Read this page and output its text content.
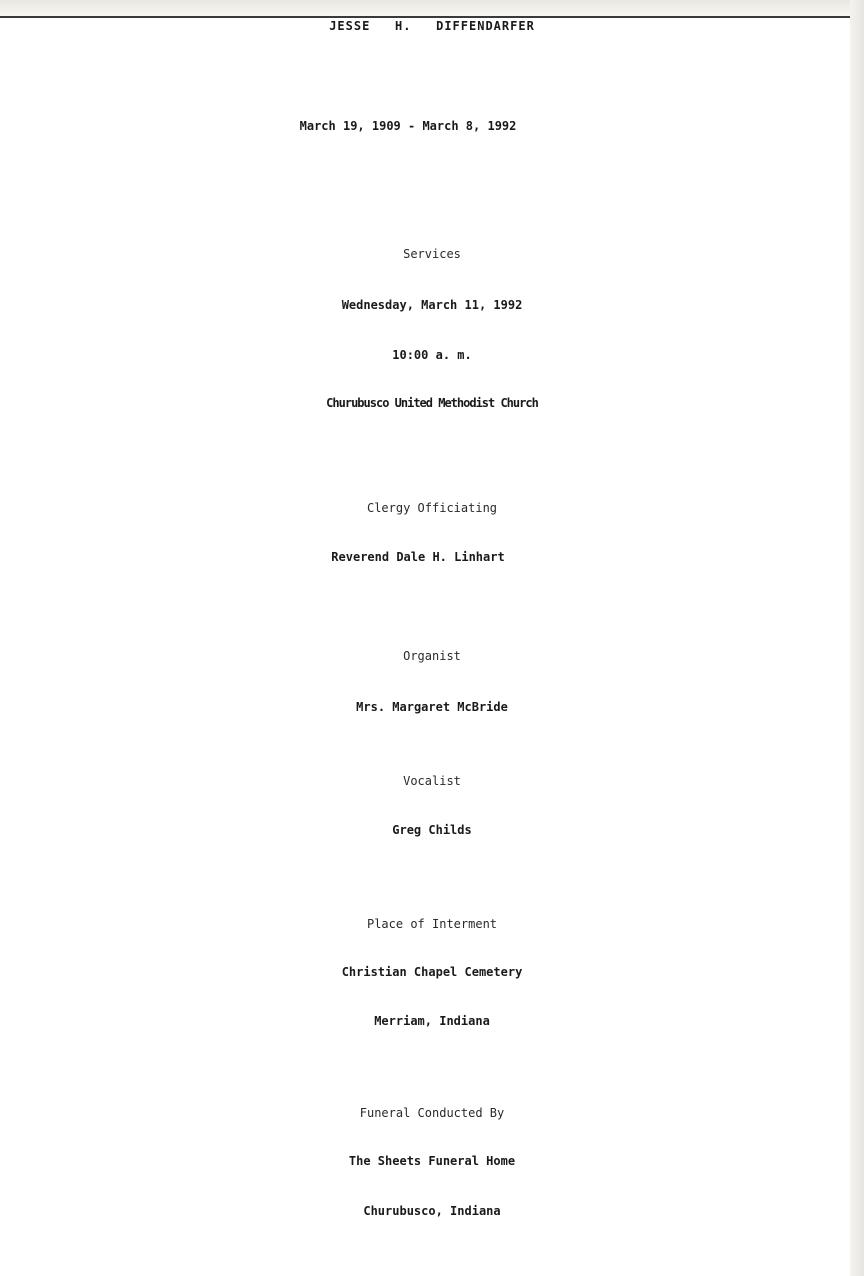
JESSE   H.   DIFFENDARFER

March 19, 1909 - March 8, 1992

Services

Wednesday, March 11, 1992

10:00 a. m.

Churubusco United Methodist Church

Clergy Officiating

Reverend Dale H. Linhart

Organist

Mrs. Margaret McBride

Vocalist

Greg Childs

Place of Interment

Christian Chapel Cemetery

Merriam, Indiana

Funeral Conducted By

The Sheets Funeral Home

Churubusco, Indiana
